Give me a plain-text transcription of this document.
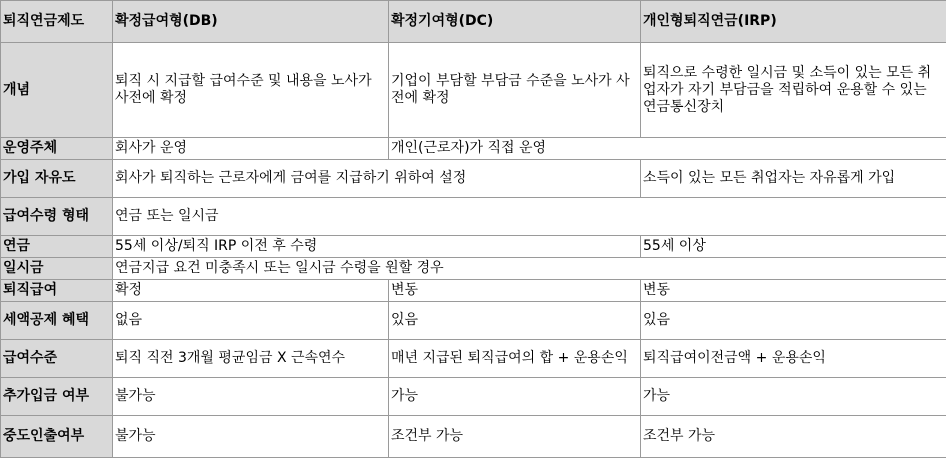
퇴직연금제도	확정급여형(DB)	확정기여형(DC)	개인형퇴직연금(IRP)
개념	퇴직 시 지급할 급여수준 및 내용을 노사가 사전에 확정	기업이 부담할 부담금 수준을 노사가 사전에 확정	퇴직으로 수령한 일시금 및 소득이 있는 모든 취업자가 자기 부담금을 적립하여 운용할 수 있는 연금통신장치
운영주체	회사가 운영	개인(근로자)가 직접 운영	
가입 자유도	회사가 퇴직하는 근로자에게 금여를 지급하기 위하여 설정		소득이 있는 모든 취업자는 자유롭게 가입
급여수령 형태	연금 또는 일시금		
연금	55세 이상/퇴직 IRP 이전 후 수령		55세 이상
일시금	연금지급 요건 미충족시 또는 일시금 수령을 원할 경우		
퇴직급여	확정	변동	변동
세액공제 혜택	없음	있음	있음
급여수준	퇴직 직전 3개월 평균임금 X 근속연수	매년 지급된 퇴직급여의 합 + 운용손익	퇴직급여이전금액 + 운용손익
추가입금 여부	불가능	가능	가능
중도인출여부	불가능	조건부 가능	조건부 가능
